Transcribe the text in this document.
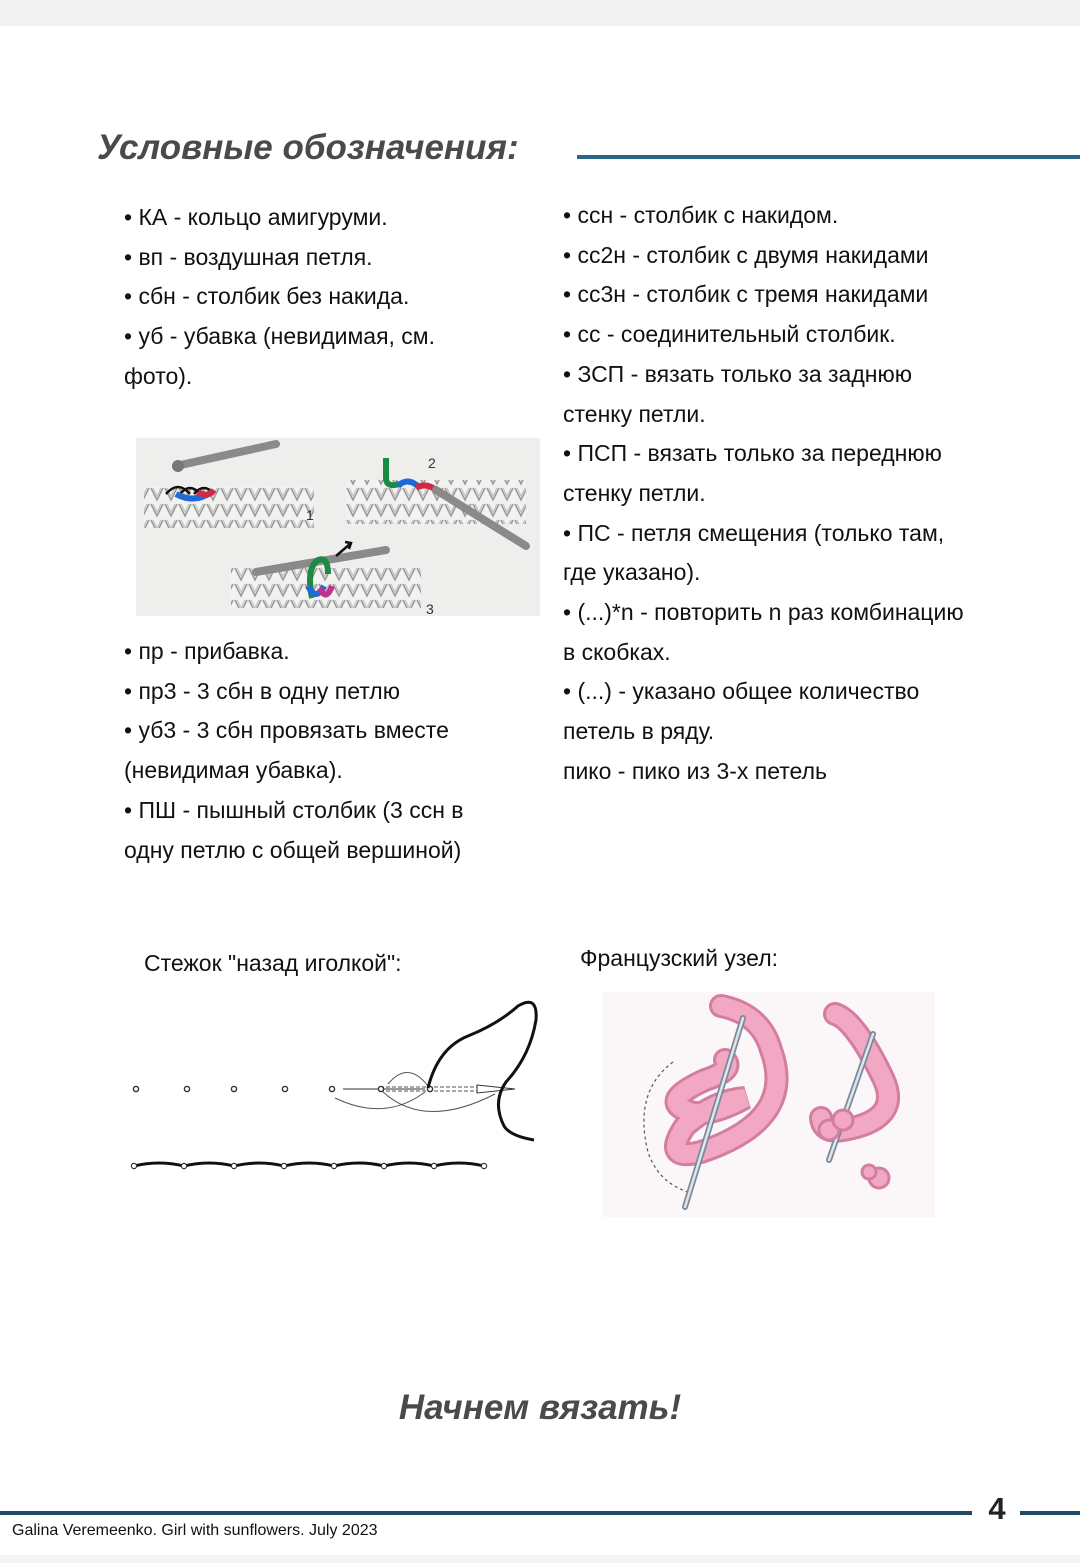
Условные обозначения:

• КА - кольцо амигуруми.

• вп - воздушная петля.

• сбн - столбик без накида.

• уб - убавка (невидимая, см.

фото).

1
2
3

• пр - прибавка.

• пр3 - 3 сбн в одну петлю

• уб3 - 3 сбн провязать вместе

(невидимая убавка).

• ПШ - пышный столбик (3 ссн в

одну петлю с общей вершиной)

• ссн - столбик с накидом.

• сс2н - столбик с двумя накидами

• сс3н - столбик с тремя накидами

• сс - соединительный столбик.

• ЗСП - вязать только за заднюю

стенку петли.

• ПСП - вязать только за переднюю

стенку петли.

• ПС - петля смещения (только там,

где указано).

• (...)*n - повторить n раз комбинацию

в скобках.

• (...) - указано общее количество

петель в ряду.

пико - пико из 3-х петель

Стежок "назад иголкой":	Французский узел:
Начнем вязать!
4
Galina Veremeenko. Girl with sunflowers. July 2023
